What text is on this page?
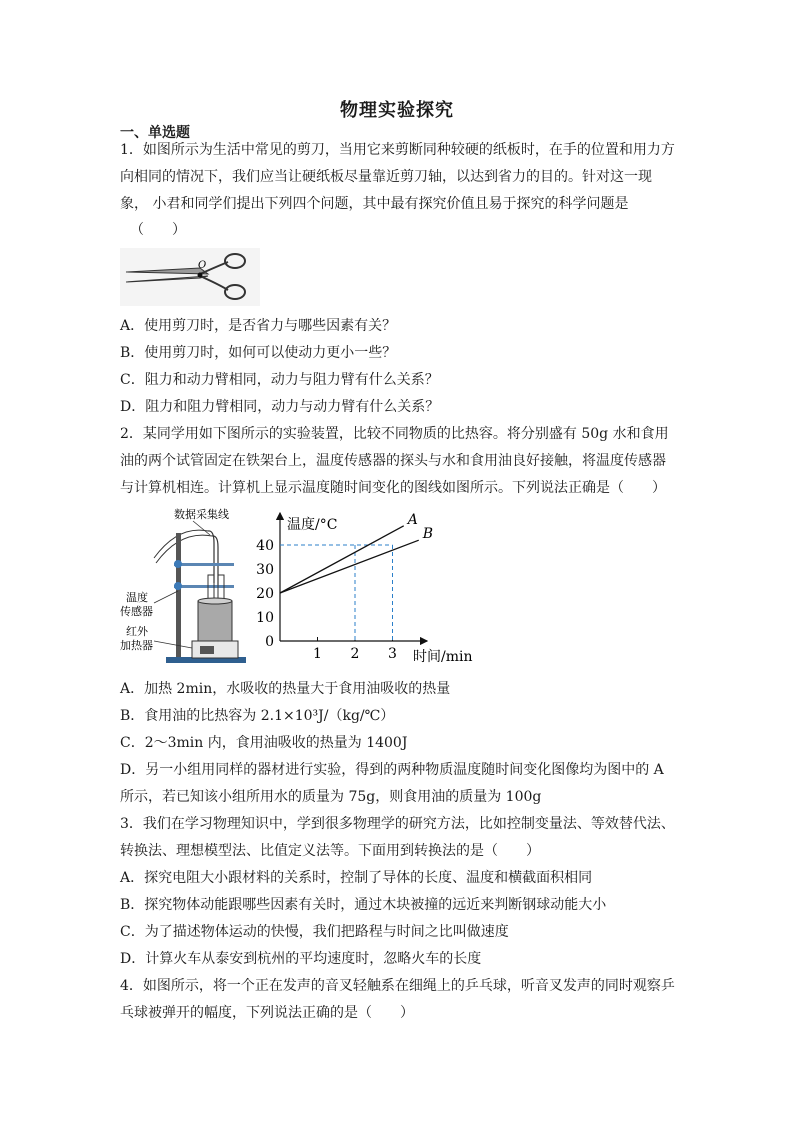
物理实验探究
一、单选题
1．如图所示为生活中常见的剪刀，当用它来剪断同种较硬的纸板时，在手的位置和用力方
向相同的情况下，我们应当让硬纸板尽量靠近剪刀轴，以达到省力的目的。针对这一现
象， 小君和同学们提出下列四个问题，其中最有探究价值且易于探究的科学问题是
（　　）
O
A．使用剪刀时，是否省力与哪些因素有关？
B．使用剪刀时，如何可以使动力更小一些？
C．阻力和动力臂相同，动力与阻力臂有什么关系？
D．阻力和阻力臂相同，动力与动力臂有什么关系？
2．某同学用如下图所示的实验装置，比较不同物质的比热容。将分别盛有 50g 水和食用
油的两个试管固定在铁架台上，温度传感器的探头与水和食用油良好接触，将温度传感器
与计算机相连。计算机上显示温度随时间变化的图线如图所示。下列说法正确是（　　）
数据采集线
温度
传感器
红外
加热器
温度/°C
时间/min
0
10
20
30
40
1 2 3
A
B
A．加热 2min，水吸收的热量大于食用油吸收的热量
B．食用油的比热容为 2.1×10³J/（kg/℃）
C．2～3min 内，食用油吸收的热量为 1400J
D．另一小组用同样的器材进行实验，得到的两种物质温度随时间变化图像均为图中的 A
所示，若已知该小组所用水的质量为 75g，则食用油的质量为 100g
3．我们在学习物理知识中，学到很多物理学的研究方法，比如控制变量法、等效替代法、
转换法、理想模型法、比值定义法等。下面用到转换法的是（　　）
A．探究电阻大小跟材料的关系时，控制了导体的长度、温度和横截面积相同
B．探究物体动能跟哪些因素有关时，通过木块被撞的远近来判断钢球动能大小
C．为了描述物体运动的快慢，我们把路程与时间之比叫做速度
D．计算火车从泰安到杭州的平均速度时，忽略火车的长度
4．如图所示，将一个正在发声的音叉轻触系在细绳上的乒乓球，听音叉发声的同时观察乒
乓球被弹开的幅度，下列说法正确的是（　　）
